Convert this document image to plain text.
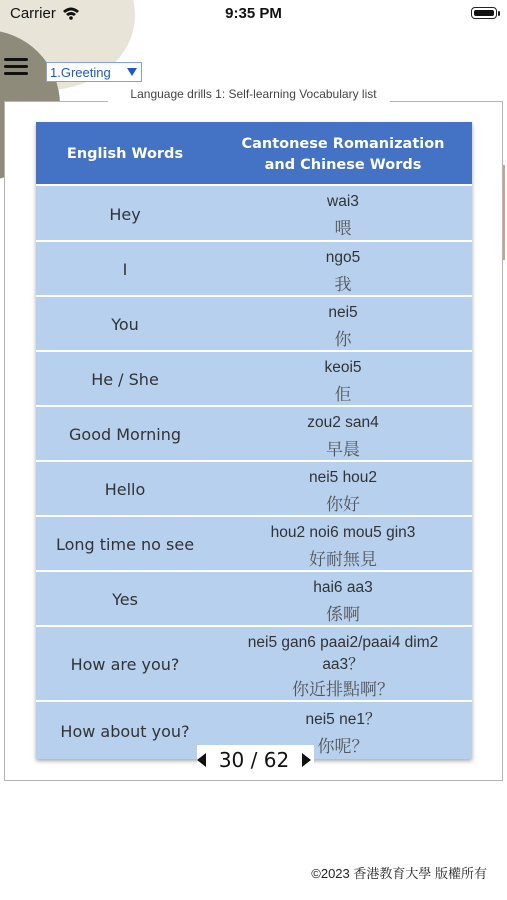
Carrier	9:35 PM
1.Greeting
Language drills 1: Self-learning Vocabulary list
English Words
Cantonese Romanization
and Chinese Words
Hey
wai3
喂
I
ngo5
我
You
nei5
你
He / She
keoi5
佢
Good Morning
zou2 san4
早晨
Hello
nei5 hou2
你好
Long time no see
hou2 noi6 mou5 gin3
好耐無見
Yes
hai6 aa3
係啊
How are you?
nei5 gan6 paai2/paai4 dim2
aa3？
你近排點啊？
How about you?
nei5 ne1？
你呢？
30 / 62
©2023 香港教育大學 版權所有
